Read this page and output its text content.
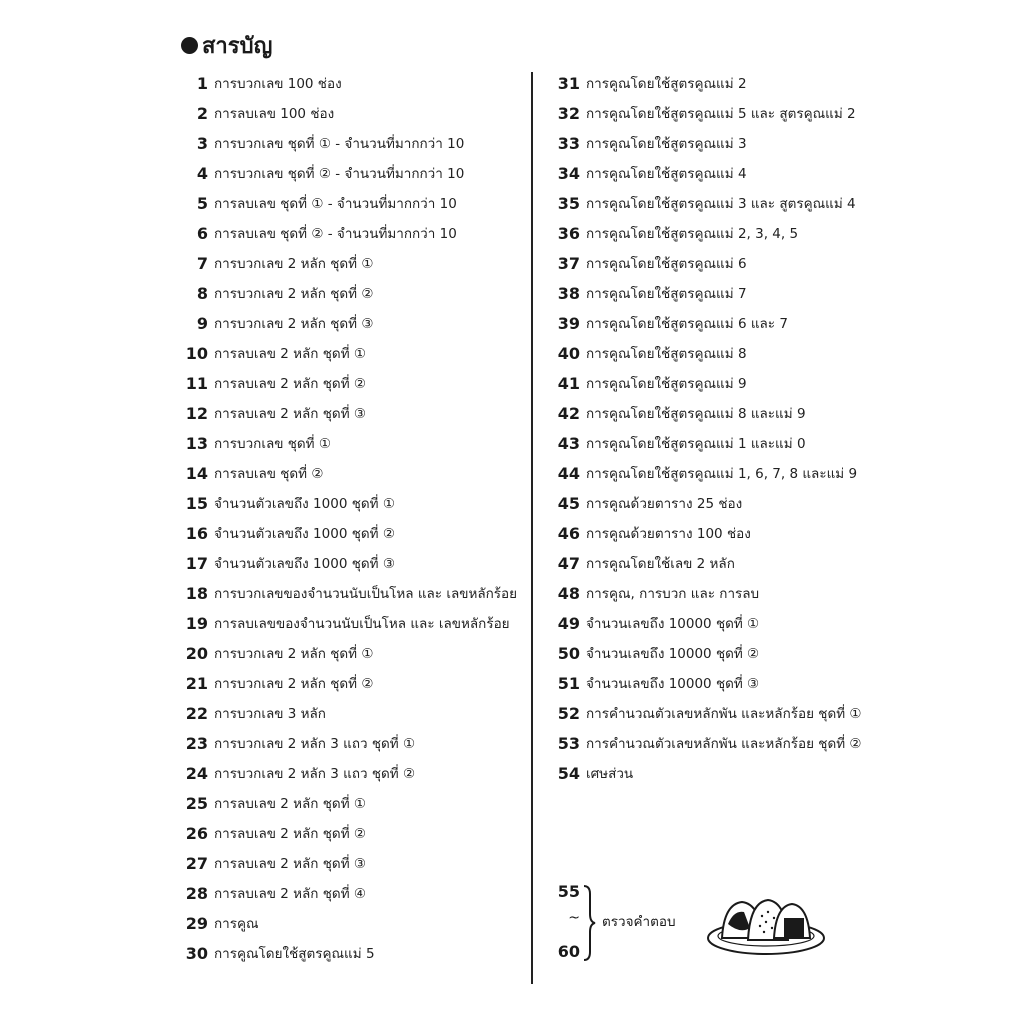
สารบัญ
1 การบวกเลข 100 ช่อง
2 การลบเลข 100 ช่อง
3 การบวกเลข ชุดที่ ① - จำนวนที่มากกว่า 10
4 การบวกเลข ชุดที่ ② - จำนวนที่มากกว่า 10
5 การลบเลข ชุดที่ ① - จำนวนที่มากกว่า 10
6 การลบเลข ชุดที่ ② - จำนวนที่มากกว่า 10
7 การบวกเลข 2 หลัก ชุดที่ ①
8 การบวกเลข 2 หลัก ชุดที่ ②
9 การบวกเลข 2 หลัก ชุดที่ ③
10 การลบเลข 2 หลัก ชุดที่ ①
11 การลบเลข 2 หลัก ชุดที่ ②
12 การลบเลข 2 หลัก ชุดที่ ③
13 การบวกเลข ชุดที่ ①
14 การลบเลข ชุดที่ ②
15 จำนวนตัวเลขถึง 1000 ชุดที่ ①
16 จำนวนตัวเลขถึง 1000 ชุดที่ ②
17 จำนวนตัวเลขถึง 1000 ชุดที่ ③
18 การบวกเลขของจำนวนนับเป็นโหล และ เลขหลักร้อย
19 การลบเลขของจำนวนนับเป็นโหล และ เลขหลักร้อย
20 การบวกเลข 2 หลัก ชุดที่ ①
21 การบวกเลข 2 หลัก ชุดที่ ②
22 การบวกเลข 3 หลัก
23 การบวกเลข 2 หลัก 3 แถว ชุดที่ ①
24 การบวกเลข 2 หลัก 3 แถว ชุดที่ ②
25 การลบเลข 2 หลัก ชุดที่ ①
26 การลบเลข 2 หลัก ชุดที่ ②
27 การลบเลข 2 หลัก ชุดที่ ③
28 การลบเลข 2 หลัก ชุดที่ ④
29 การคูณ
30 การคูณโดยใช้สูตรคูณแม่ 5
31 การคูณโดยใช้สูตรคูณแม่ 2
32 การคูณโดยใช้สูตรคูณแม่ 5 และ สูตรคูณแม่ 2
33 การคูณโดยใช้สูตรคูณแม่ 3
34 การคูณโดยใช้สูตรคูณแม่ 4
35 การคูณโดยใช้สูตรคูณแม่ 3 และ สูตรคูณแม่ 4
36 การคูณโดยใช้สูตรคูณแม่ 2, 3, 4, 5
37 การคูณโดยใช้สูตรคูณแม่ 6
38 การคูณโดยใช้สูตรคูณแม่ 7
39 การคูณโดยใช้สูตรคูณแม่ 6 และ 7
40 การคูณโดยใช้สูตรคูณแม่ 8
41 การคูณโดยใช้สูตรคูณแม่ 9
42 การคูณโดยใช้สูตรคูณแม่ 8 และแม่ 9
43 การคูณโดยใช้สูตรคูณแม่ 1 และแม่ 0
44 การคูณโดยใช้สูตรคูณแม่ 1, 6, 7, 8 และแม่ 9
45 การคูณด้วยตาราง 25 ช่อง
46 การคูณด้วยตาราง 100 ช่อง
47 การคูณโดยใช้เลข 2 หลัก
48 การคูณ, การบวก และ การลบ
49 จำนวนเลขถึง 10000 ชุดที่ ①
50 จำนวนเลขถึง 10000 ชุดที่ ②
51 จำนวนเลขถึง 10000 ชุดที่ ③
52 การคำนวณตัวเลขหลักพัน และหลักร้อย ชุดที่ ①
53 การคำนวณตัวเลขหลักพัน และหลักร้อย ชุดที่ ②
54 เศษส่วน
55
~
60
ตรวจคำตอบ
